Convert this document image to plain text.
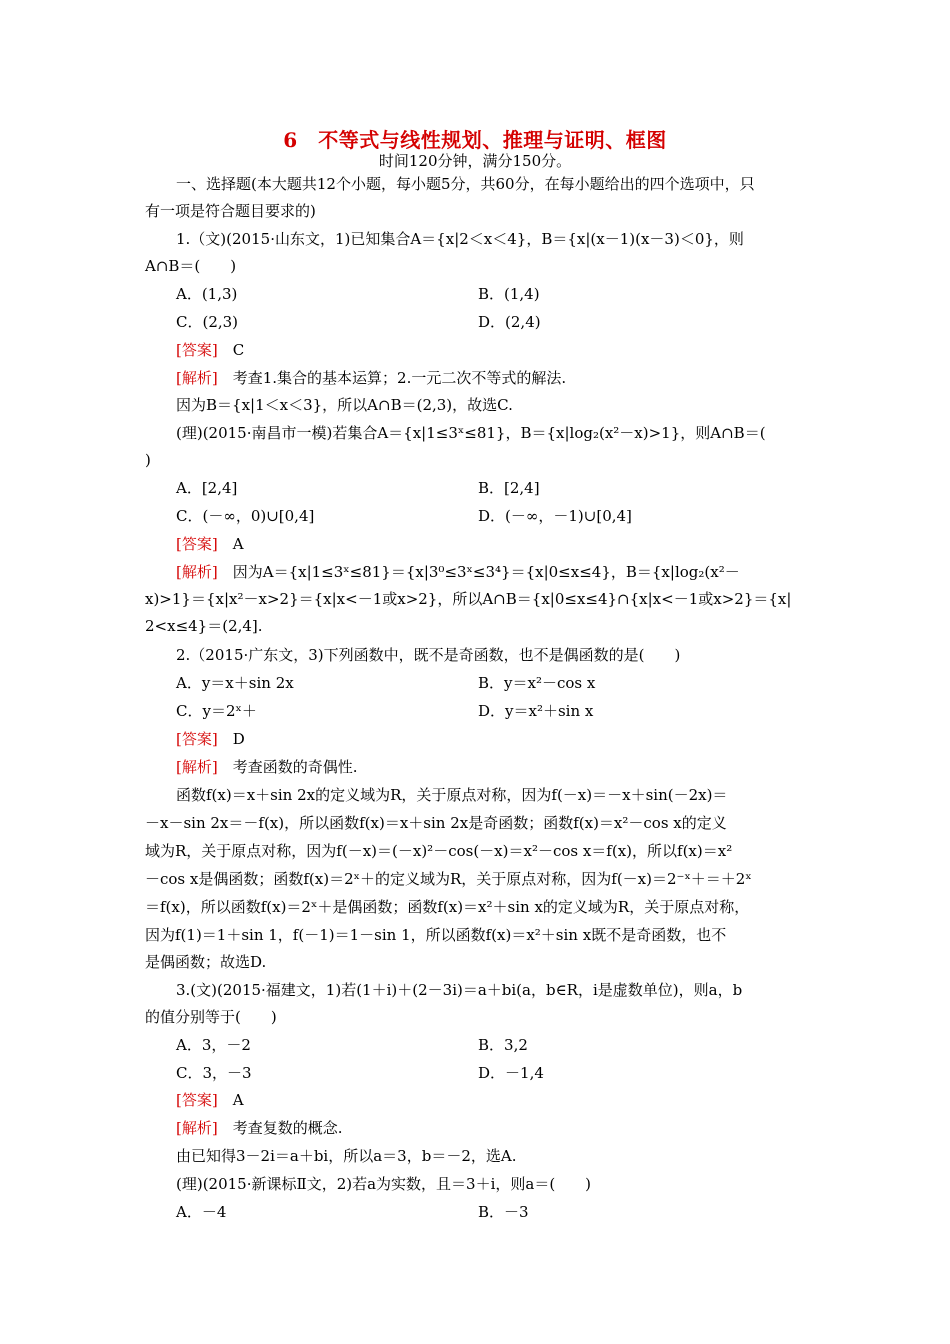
6　不等式与线性规划、推理与证明、框图
时间120分钟，满分150分。
一、选择题(本大题共12个小题，每小题5分，共60分，在每小题给出的四个选项中，只
有一项是符合题目要求的)
1.（文)(2015·山东文，1)已知集合A＝{x|2＜x＜4}，B＝{x|(x－1)(x－3)＜0}，则
A∩B＝(　　)
A．(1,3)	B．(1,4)
C．(2,3)	D．(2,4)
[答案]　 C
[解析]　 考查1.集合的基本运算；2.一元二次不等式的解法.
因为B＝{x|1＜x＜3}，所以A∩B＝(2,3)，故选C.
(理)(2015·南昌市一模)若集合A＝{x|1≤3ˣ≤81}，B＝{x|log₂(x²－x)>1}，则A∩B＝(
)
A．[2,4]	B．[2,4]
C．(－∞，0)∪[0,4]	D．(－∞，－1)∪[0,4]
[答案]　 A
[解析]　 因为A＝{x|1≤3ˣ≤81}＝{x|3⁰≤3ˣ≤3⁴}＝{x|0≤x≤4}，B＝{x|log₂(x²－
x)>1}＝{x|x²－x>2}＝{x|x<－1或x>2}，所以A∩B＝{x|0≤x≤4}∩{x|x<－1或x>2}＝{x|
2<x≤4}＝(2,4].
2.（2015·广东文，3)下列函数中，既不是奇函数，也不是偶函数的是(　　)
A．y＝x＋sin 2x	B．y＝x²－cos x
C．y＝2ˣ＋	D．y＝x²＋sin x
[答案]　 D
[解析]　 考查函数的奇偶性.
函数f(x)＝x＋sin 2x的定义域为R，关于原点对称，因为f(－x)＝－x＋sin(－2x)＝
－x－sin 2x＝－f(x)，所以函数f(x)＝x＋sin 2x是奇函数；函数f(x)＝x²－cos x的定义
域为R，关于原点对称，因为f(－x)＝(－x)²－cos(－x)＝x²－cos x＝f(x)，所以f(x)＝x²
－cos x是偶函数；函数f(x)＝2ˣ＋的定义域为R，关于原点对称，因为f(－x)＝2⁻ˣ＋＝＋2ˣ
＝f(x)，所以函数f(x)＝2ˣ＋是偶函数；函数f(x)＝x²＋sin x的定义域为R，关于原点对称，
因为f(1)＝1＋sin 1，f(－1)＝1－sin 1，所以函数f(x)＝x²＋sin x既不是奇函数，也不
是偶函数；故选D.
3.(文)(2015·福建文，1)若(1＋i)＋(2－3i)＝a＋bi(a，b∈R，i是虚数单位)，则a，b
的值分别等于(　　)
A．3，－2	B．3,2
C．3，－3	D．－1,4
[答案]　 A
[解析]　 考查复数的概念.
由已知得3－2i＝a＋bi，所以a＝3，b＝－2，选A.
(理)(2015·新课标Ⅱ文，2)若a为实数，且＝3＋i，则a＝(　　)
A．－4	B．－3
